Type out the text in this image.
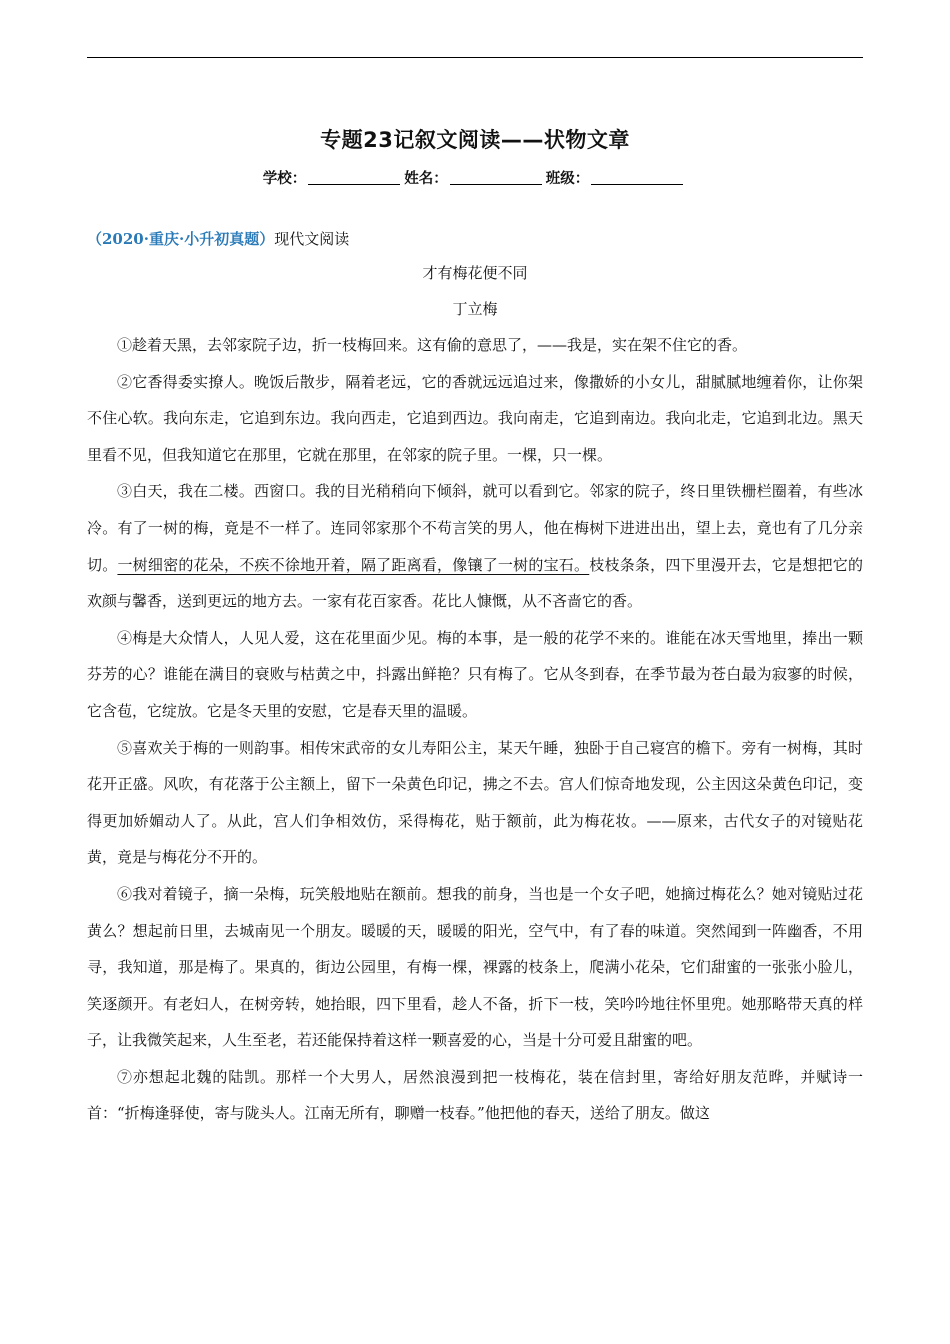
专题23记叙文阅读——状物文章
学校：	姓名：	班级：
（2020·重庆·小升初真题）现代文阅读
才有梅花便不同
丁立梅

①趁着天黑，去邻家院子边，折一枝梅回来。这有偷的意思了，——我是，实在架不住它的香。

②它香得委实撩人。晚饭后散步，隔着老远，它的香就远远追过来，像撒娇的小女儿，甜腻腻地缠着你，让你架不住心软。我向东走，它追到东边。我向西走，它追到西边。我向南走，它追到南边。我向北走，它追到北边。黑天里看不见，但我知道它在那里，它就在那里，在邻家的院子里。一棵，只一棵。

③白天，我在二楼。西窗口。我的目光稍稍向下倾斜，就可以看到它。邻家的院子，终日里铁栅栏圈着，有些冰冷。有了一树的梅，竟是不一样了。连同邻家那个不苟言笑的男人，他在梅树下进进出出，望上去，竟也有了几分亲切。一树细密的花朵，不疾不徐地开着，隔了距离看，像镶了一树的宝石。枝枝条条，四下里漫开去，它是想把它的欢颜与馨香，送到更远的地方去。一家有花百家香。花比人慷慨，从不吝啬它的香。

④梅是大众情人，人见人爱，这在花里面少见。梅的本事，是一般的花学不来的。谁能在冰天雪地里，捧出一颗芬芳的心？谁能在满目的衰败与枯黄之中，抖露出鲜艳？只有梅了。它从冬到春，在季节最为苍白最为寂寥的时候，它含苞，它绽放。它是冬天里的安慰，它是春天里的温暖。

⑤喜欢关于梅的一则韵事。相传宋武帝的女儿寿阳公主，某天午睡，独卧于自己寝宫的檐下。旁有一树梅，其时花开正盛。风吹，有花落于公主额上，留下一朵黄色印记，拂之不去。宫人们惊奇地发现，公主因这朵黄色印记，变得更加娇媚动人了。从此，宫人们争相效仿，采得梅花，贴于额前，此为梅花妆。——原来，古代女子的对镜贴花黄，竟是与梅花分不开的。

⑥我对着镜子，摘一朵梅，玩笑般地贴在额前。想我的前身，当也是一个女子吧，她摘过梅花么？她对镜贴过花黄么？想起前日里，去城南见一个朋友。暖暖的天，暖暖的阳光，空气中，有了春的味道。突然闻到一阵幽香，不用寻，我知道，那是梅了。果真的，街边公园里，有梅一棵，裸露的枝条上，爬满小花朵，它们甜蜜的一张张小脸儿，笑逐颜开。有老妇人，在树旁转，她抬眼，四下里看，趁人不备，折下一枝，笑吟吟地往怀里兜。她那略带天真的样子，让我微笑起来，人生至老，若还能保持着这样一颗喜爱的心，当是十分可爱且甜蜜的吧。

⑦亦想起北魏的陆凯。那样一个大男人，居然浪漫到把一枝梅花，装在信封里，寄给好朋友范晔，并赋诗一首：“折梅逢驿使，寄与陇头人。江南无所有，聊赠一枝春。”他把他的春天，送给了朋友。做这
